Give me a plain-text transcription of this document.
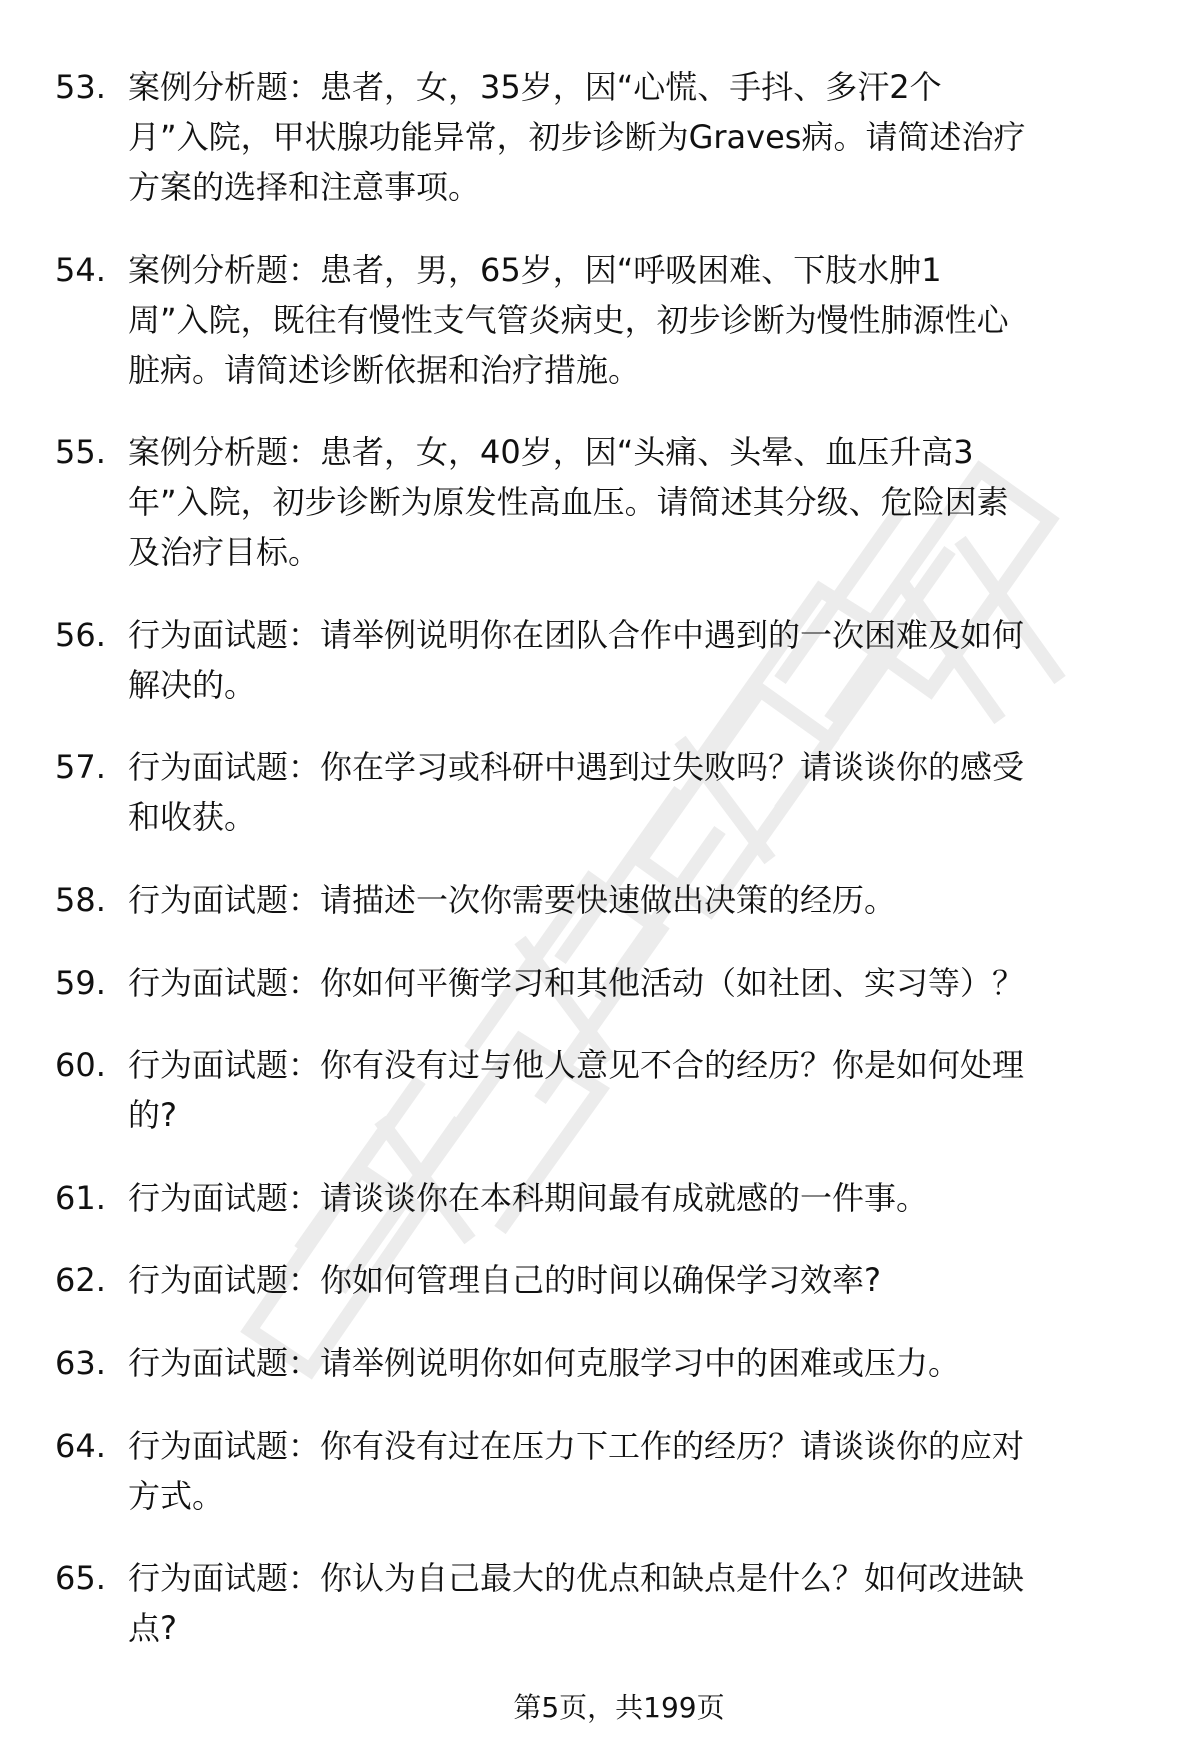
53. 案例分析题：患者，女，35岁，因“心慌、手抖、多汗2个
月”入院，甲状腺功能异常，初步诊断为Graves病。请简述治疗
方案的选择和注意事项。
54. 案例分析题：患者，男，65岁，因“呼吸困难、下肢水肿1
周”入院，既往有慢性支气管炎病史，初步诊断为慢性肺源性心
脏病。请简述诊断依据和治疗措施。
55. 案例分析题：患者，女，40岁，因“头痛、头晕、血压升高3
年”入院，初步诊断为原发性高血压。请简述其分级、危险因素
及治疗目标。
56. 行为面试题：请举例说明你在团队合作中遇到的一次困难及如何
解决的。
57. 行为面试题：你在学习或科研中遇到过失败吗？请谈谈你的感受
和收获。
58. 行为面试题：请描述一次你需要快速做出决策的经历。
59. 行为面试题：你如何平衡学习和其他活动（如社团、实习等）？
60. 行为面试题：你有没有过与他人意见不合的经历？你是如何处理
的?
61. 行为面试题：请谈谈你在本科期间最有成就感的一件事。
62. 行为面试题：你如何管理自己的时间以确保学习效率?
63. 行为面试题：请举例说明你如何克服学习中的困难或压力。
64. 行为面试题：你有没有过在压力下工作的经历？请谈谈你的应对
方式。
65. 行为面试题：你认为自己最大的优点和缺点是什么？如何改进缺
点?
第5页，共199页
